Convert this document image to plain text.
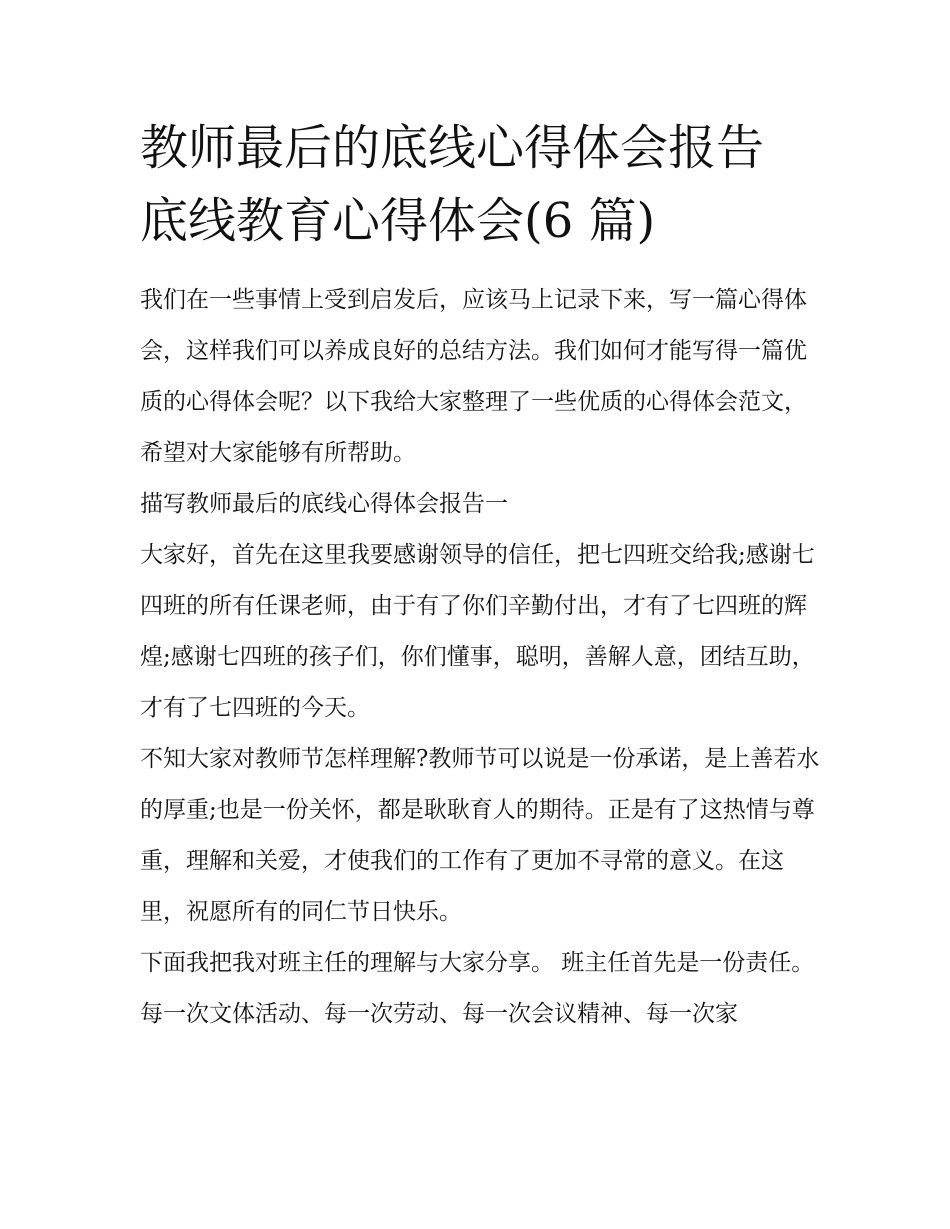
教师最后的底线心得体会报告
底线教育心得体会(6 篇)

我们在一些事情上受到启发后，应该马上记录下来，写一篇心得体会，这样我们可以养成良好的总结方法。我们如何才能写得一篇优质的心得体会呢？以下我给大家整理了一些优质的心得体会范文，希望对大家能够有所帮助。

描写教师最后的底线心得体会报告一

大家好，首先在这里我要感谢领导的信任，把七四班交给我;感谢七四班的所有任课老师，由于有了你们辛勤付出，才有了七四班的辉煌;感谢七四班的孩子们，你们懂事，聪明，善解人意，团结互助，才有了七四班的今天。

不知大家对教师节怎样理解?教师节可以说是一份承诺，是上善若水的厚重;也是一份关怀，都是耿耿育人的期待。正是有了这热情与尊重，理解和关爱，才使我们的工作有了更加不寻常的意义。在这里，祝愿所有的同仁节日快乐。

下面我把我对班主任的理解与大家分享。 班主任首先是一份责任。

每一次文体活动、每一次劳动、每一次会议精神、每一次家
